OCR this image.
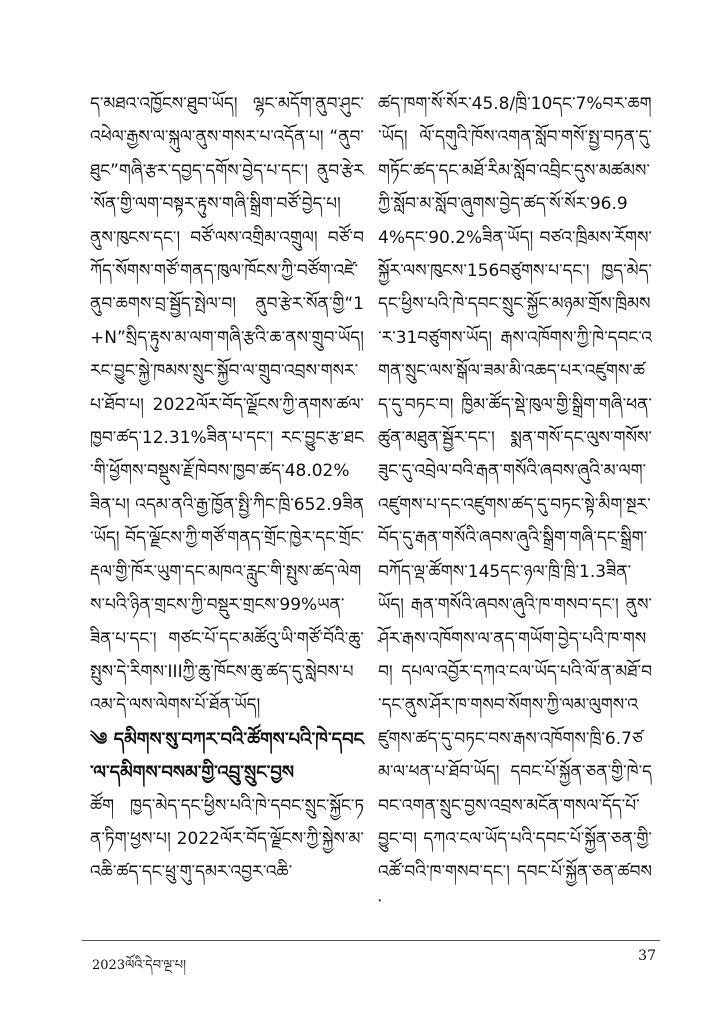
ད་མཐའ་འཁྱོངས་ཐུབ་ཡོད། ལྷང་མདོག་ནུབ་ཤུང་འཕེལ་རྒྱས་ལ་སྐུལ་ནུས་གསར་པ་འདོན་པ། “ནུབ་ཐུང”གཞི་རྩར་དབྱད་དགོས་བྱེད་པ་དང་། ནུབ་རྩེར་སོན་གྱི་ལག་བསྟར་རྟུས་གཞི་སྒྲིག་བཙོ་བྱེད་པ། ནུས་ཁུངས་དང་། བཙོ་ལས་འགྲིམ་འགྲུལ། བཙོ་བཀོད་སོགས་གཙོ་གནད་ཁུལ་ཁོངས་ཀྱི་བཙོག་འཛེ་ནུབ་ཆགས་བྲ་སྦྱོད་སྤེལ་བ། ནུབ་རྩེར་སོན་གྱི“1+N”སྲིད་རྟུས་མ་ལག་གཞི་རྩའི་ཆ་ནས་གྲུབ་ཡོད། རང་བྱུང་སྐྱེ་ཁམས་སྲུང་སྐྱོབ་ལ་གྲུབ་འབྲས་གསར་པ་ཐོབ་པ། 2022ལོར་བོད་ལྗོངས་ཀྱི་ནགས་ཚལ་ཁྱབ་ཚད་12.31%ཟིན་པ་དང་། རང་བྱུང་རྩ་ཐང་གི་ཕྱོགས་བསྡུས་རྗོ་ཁེབས་ཁྱབ་ཚད་48.02%ཟིན་པ། འདམ་ནའི་རྒྱ་ཁྱོན་སྤྱི་ཀིང་ཁྲི་652.9ཟིན་ཡོད། བོད་ལྗོངས་ཀྱི་གཙོ་གནད་གྲོང་ཁྱེར་དང་གྲོང་རྡལ་གྱི་ཁོར་ཡུག་དང་མཁའ་རླུང་གི་སྤུས་ཚད་ལེགས་པའི་ཉིན་གྲངས་ཀྱི་བསྡུར་གྲངས་99%ཡན་ཟིན་པ་དང་། གཙང་པོ་དང་མཚོའུ་ཡི་གཙོ་བོའི་ཆུ་སྤུས་དེ་རིགས་IIIཀྱི་ཆུ་ཁོངས་ཆུ་ཚད་དུ་སླེབས་པའམ་དེ་ལས་ལེགས་པོ་ཐོན་ཡོད།

༄ དམིགས་སུ་བཀར་བའི་ཚོགས་པའི་ཁེ་དབང་ལ་དམིགས་བསམ་གྱི་འབྲུ་སྲུང་བྱས

ཚོག ཁྱད་མེད་དང་ཕྱིས་པའི་ཁེ་དབང་སྲུང་སྐྱོང་ཏན་ཏིག་ཕྱས་པ། 2022ལོར་བོད་ལྗོངས་ཀྱི་སྐྱེས་མ་འཆི་ཚད་དང་ཕྲུ་གུ་དམར་འབྱར་འཆི་

ཚད་ཁག་སོ་སོར་45.8/ཁྲི་10དང་7%བར་ཆག་ཡོད། ལོ་དགུའི་ཁོས་འགན་སློབ་གསོ་སྤྱ་བཏན་དུ་གཏོང་ཚད་དང་མཐོ་རིམ་སློབ་འབྲིང་དུས་མཚམས་ཀྱི་སློབ་མ་སློབ་ཞུགས་བྱེད་ཚད་སོ་སོར་96.94%དང་90.2%ཟིན་ཡོད། བཙའ་ཁྲིམས་རོགས་སྐྱོར་ལས་ཁུངས་156བཙུགས་པ་དང་། ཁྱད་མེད་དང་ཕྱིས་པའི་ཁེ་དབང་སྲུང་སྐྱོང་མཉམ་གྲོས་ཁྲིམས་ར་31བཙུགས་ཡོད། རྒས་འཁོགས་ཀྱི་ཁེ་དབང་འགན་སྲུང་ལས་སྒོལ་ཟམ་མི་འཆད་པར་འཛུགས་ཚད་དུ་བཏང་བ། ཁྱིམ་ཚོད་སྡེ་ཁུལ་གྱི་སྒྲིག་གཞི་ཕན་ཚུན་མཐུན་སྦྱོར་དང་། སྨན་གསོ་དང་ལུས་གསོས་ཟུང་དུ་འབྲེལ་བའི་རྒན་གསོའི་ཞབས་ཞུའི་མ་ལག་འཛུགས་པ་དང་འཛུགས་ཚད་དུ་བཏང་སྟེ་མིག་སྔར་བོད་དུ་རྒན་གསོའི་ཞབས་ཞུའི་སྒྲིག་གཞི་དང་སྒྲིག་བཀོད་ལྡ་ཚོགས་145དང་ཉལ་ཁྲི་ཁྲི་1.3ཟིན་ཡོད། རྒན་གསོའི་ཞབས་ཞུའི་ཁ་གསབ་དང་། ནུས་ཤོར་རྒས་འཁོགས་ལ་ནད་གཡོག་བྱེད་པའི་ཁ་གསབ། དཔལ་འབྱོར་དཀའ་ངལ་ཡོད་པའི་ལོ་ན་མཐོ་བ་དང་ནུས་ཤོར་ཁ་གསབ་སོགས་ཀྱི་ལམ་ལུགས་འཛུགས་ཚད་དུ་བཏང་བས་རྒས་འཁོགས་ཁྲི་6.7ཙམ་ལ་ཕན་པ་ཐོབ་ཡོད། དབང་པོ་སྐྱོན་ཅན་གྱི་ཁེ་དབང་འགན་སྲུང་བྱས་འབྲས་མངོན་གསལ་དོད་པོ་བྱུང་བ། དཀའ་ངལ་ཡོད་པའི་དབང་པོ་སྐྱོན་ཅན་གྱི་འཚོ་བའི་ཁ་གསབ་དང་། དབང་པོ་སྐྱོན་ཅན་ཚབས་

2023ལོའི་དེབ་ལྔ་པ།
37
